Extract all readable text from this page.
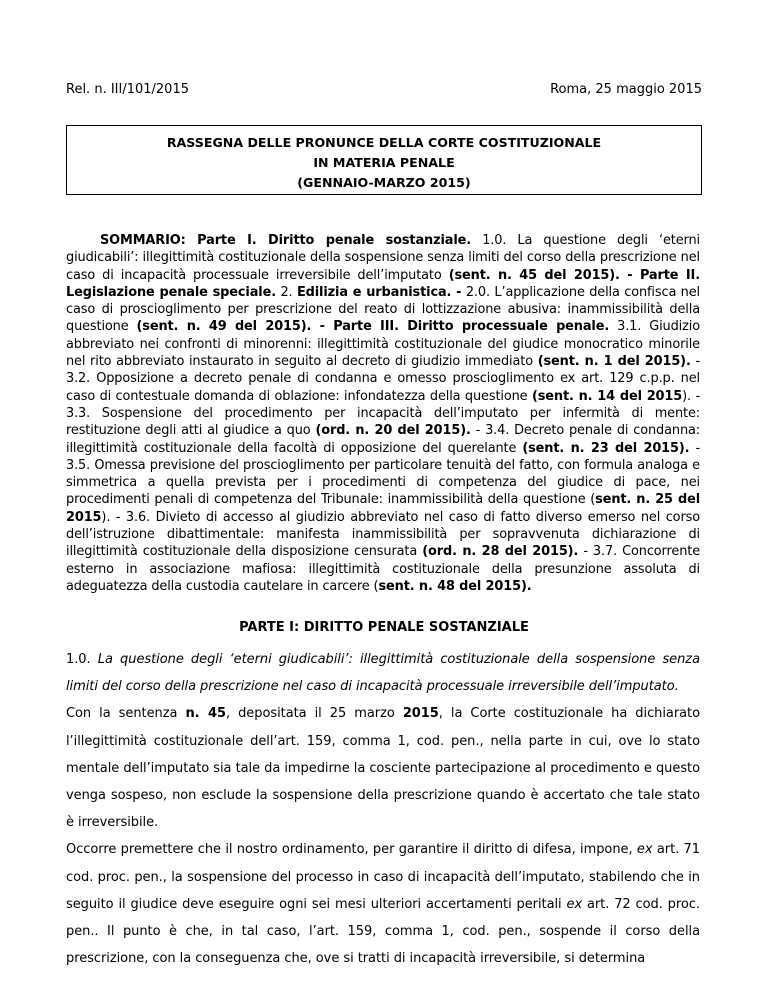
Rel. n. III/101/2015	Roma, 25 maggio 2015
RASSEGNA DELLE PRONUNCE DELLA CORTE COSTITUZIONALE
IN MATERIA PENALE
(GENNAIO-MARZO 2015)
SOMMARIO: Parte I. Diritto penale sostanziale. 1.0. La questione degli ‘eterni giudicabili’: illegittimità costituzionale della sospensione senza limiti del corso della prescrizione nel caso di incapacità processuale irreversibile dell’imputato (sent. n. 45 del 2015). - Parte II. Legislazione penale speciale. 2. Edilizia e urbanistica. - 2.0. L’applicazione della confisca nel caso di proscioglimento per prescrizione del reato di lottizzazione abusiva: inammissibilità della questione (sent. n. 49 del 2015). - Parte III. Diritto processuale penale. 3.1. Giudizio abbreviato nei confronti di minorenni: illegittimità costituzionale del giudice monocratico minorile nel rito abbreviato instaurato in seguito al decreto di giudizio immediato (sent. n. 1 del 2015). - 3.2. Opposizione a decreto penale di condanna e omesso proscioglimento ex art. 129 c.p.p. nel caso di contestuale domanda di oblazione: infondatezza della questione (sent. n. 14 del 2015). - 3.3. Sospensione del procedimento per incapacità dell’imputato per infermità di mente: restituzione degli atti al giudice a quo (ord. n. 20 del 2015). - 3.4. Decreto penale di condanna: illegittimità costituzionale della facoltà di opposizione del querelante (sent. n. 23 del 2015). - 3.5. Omessa previsione del proscioglimento per particolare tenuità del fatto, con formula analoga e simmetrica a quella prevista per i procedimenti di competenza del giudice di pace, nei procedimenti penali di competenza del Tribunale: inammissibilità della questione (sent. n. 25 del 2015). - 3.6. Divieto di accesso al giudizio abbreviato nel caso di fatto diverso emerso nel corso dell’istruzione dibattimentale: manifesta inammissibilità per sopravvenuta dichiarazione di illegittimità costituzionale della disposizione censurata (ord. n. 28 del 2015). - 3.7. Concorrente esterno in associazione mafiosa: illegittimità costituzionale della presunzione assoluta di adeguatezza della custodia cautelare in carcere (sent. n. 48 del 2015).
PARTE I: DIRITTO PENALE SOSTANZIALE

1.0. La questione degli ‘eterni giudicabili’: illegittimità costituzionale della sospensione senza limiti del corso della prescrizione nel caso di incapacità processuale irreversibile dell’imputato.

Con la sentenza n. 45, depositata il 25 marzo 2015, la Corte costituzionale ha dichiarato l’illegittimità costituzionale dell’art. 159, comma 1, cod. pen., nella parte in cui, ove lo stato mentale dell’imputato sia tale da impedirne la cosciente partecipazione al procedimento e questo venga sospeso, non esclude la sospensione della prescrizione quando è accertato che tale stato è irreversibile.

Occorre premettere che il nostro ordinamento, per garantire il diritto di difesa, impone, ex art. 71 cod. proc. pen., la sospensione del processo in caso di incapacità dell’imputato, stabilendo che in seguito il giudice deve eseguire ogni sei mesi ulteriori accertamenti peritali ex art. 72 cod. proc. pen.. Il punto è che, in tal caso, l’art. 159, comma 1, cod. pen., sospende il corso della prescrizione, con la conseguenza che, ove si tratti di incapacità irreversibile, si determina
